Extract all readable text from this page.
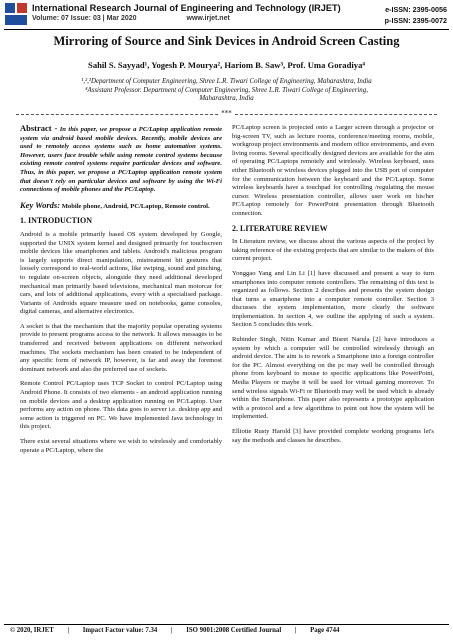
International Research Journal of Engineering and Technology (IRJET)
Volume: 07 Issue: 03 | Mar 2020	www.irjet.net
e-ISSN: 2395-0056
p-ISSN: 2395-0072
Mirroring of Source and Sink Devices in Android Screen Casting
Sahil S. Sayyad¹, Yogesh P. Mourya², Hariom B. Saw³, Prof. Uma Goradiya⁴
¹,²,³Department of Computer Engineering, Shree L.R. Tiwari College of Engineering, Maharashtra, India
⁴Assistant Professor. Department of Computer Engineering, Shree L.R. Tiwari College of Engineering,
Maharashtra, India
***

Abstract - In this paper, we propose a PC/Laptop application remote system via android based mobile devices. Recently, mobile devices are used to remotely access systems such as home automation systems. However, users face trouble while using remote control systems because existing remote control systems require particular devices and software. Thus, in this paper, we propose a PC/Laptop application remote system that doesn't rely on particular devices and software by using the Wi-Fi connections of mobile phones and the PC/Laptop.

Key Words: Mobile phone, Android, PC/Laptop, Remote control.
1. INTRODUCTION

Android is a mobile primarily based OS system developed by Google, supported the UNIX system kernel and designed primarily for touchscreen mobile devices like smartphones and tablets. Android's malicious program is largely supports direct manipulation, mistreatment bit gestures that loosely correspond to real-world actions, like swiping, sound and pinching, to regulate on-screen objects, alongside they need additional developed mechanical man primarily based televisions, mechanical man motorcar for cars, and lots of additional applications, every with a specialised package. Variants of Androids square measure used on notebooks, game consoles, digital cameras, and alternative electronics.

A socket is that the mechanism that the majority popular operating systems provide to present programs access to the network. It allows messages to be transferred and received between applications on different networked machines. The sockets mechanism has been created to be independent of any specific form of network IP, however, is far and away the foremost dominant network and also the preferred use of sockets.

Remote Control PC/Laptop uses TCP Socket to control PC/Laptop using Android Phone. It consists of two elements - an android application running on mobile devices and a desktop application running on PC/Laptop. User performs any action on phone. This data goes to server i.e. desktop app and some action is triggered on PC. We have implemented Java technology in this project.

There exist several situations where we wish to wirelessly and comfortably operate a PC/Laptop, where the

PC/Laptop screen is projected onto a Larger screen through a projector or big-screen TV, such as lecture rooms, conference/meeting rooms, mobile, workgroup project environments and modern office environments, and even living rooms. Several specifically designed devices are available for the aim of operating PC/Laptops remotely and wirelessly. Wireless keyboard, uses either Bluetooth or wireless devices plugged into the USB port of computer for the communication between the keyboard and the PC/Laptop. Some wireless keyboards have a touchpad for controlling /regulating the mouse cursor. Wireless presentation controller, allows user work on his/her PC/Laptop remotely for PowerPoint presentation through Bluetooth connection.

2. LITERATURE REVIEW

In Literature review, we discuss about the various aspects of the project by taking reference of the existing projects that are similar to the makers of this current project.

Yonggao Yang and Lin Li [1] have discussed and present a way to turn smartphones into computer remote controllers. The remaining of this text is organized as follows. Section 2 describes and presents the system design that turns a smartphone into a computer remote controller. Section 3 discusses the system implementation, more clearly the software implementation. In section 4, we outline the applying of such a system. Section 5 concludes this work.

Rubinder Singh, Nitin Kumar and Bisret Narula [2] have introduces a system by which a computer will be controlled wirelessly through an android device. The aim is to rework a Smartphone into a foreign controller for the PC. Almost everything on the pc may well be controlled through phone from keyboard to mouse to specific applications like PowerPoint, Media Players or maybe it will be used for virtual gaming moreover. To send wireless signals Wi-Fi or Bluetooth may well be used which is already within the Smartphone. This paper also represents a prototype application with a protocol and a few algorithms to point out how the system will be implemented.

Elliotte Rusty Harold [3] have provided complete working programs let's say the methods and classes he describes.

© 2020, IRJET | Impact Factor value: 7.34 | ISO 9001:2008 Certified Journal | Page 4744
